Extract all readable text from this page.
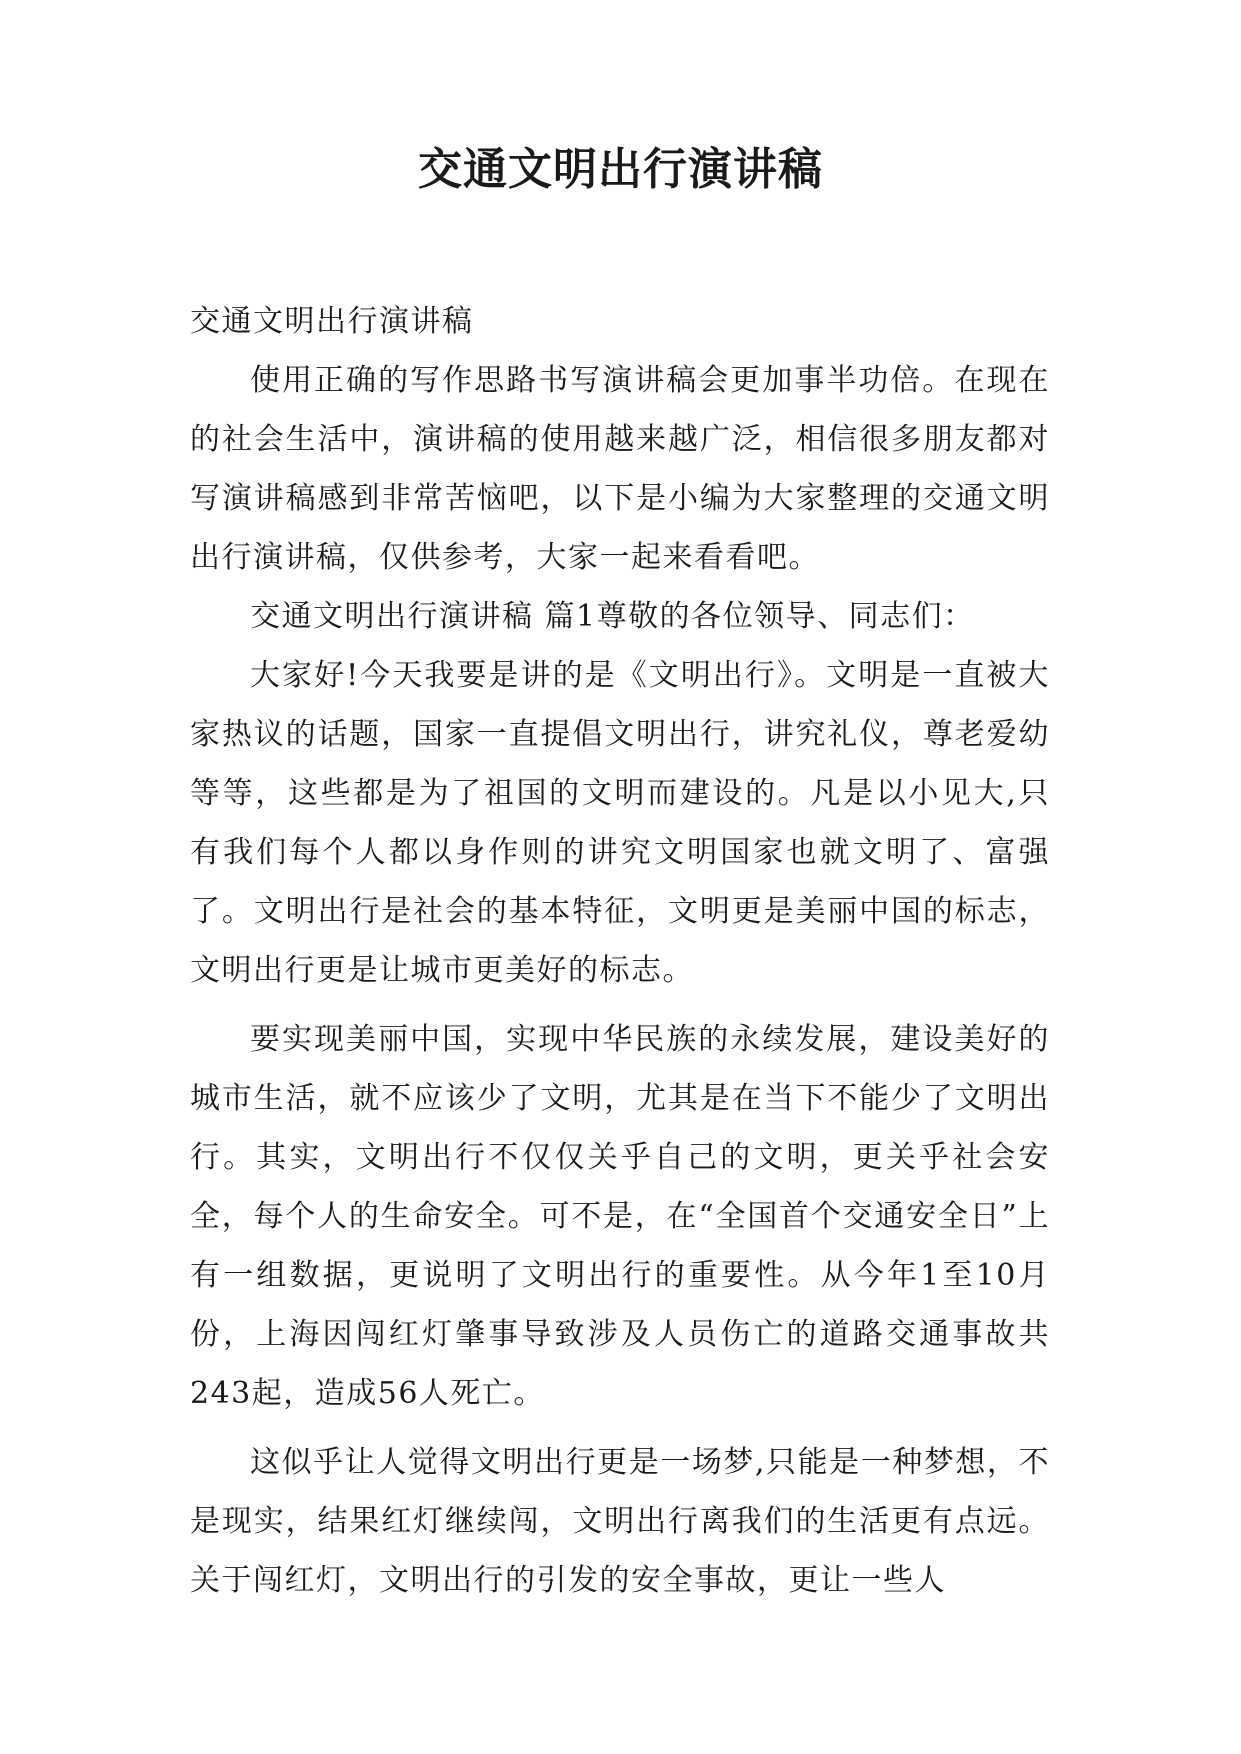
交通文明出行演讲稿

交通文明出行演讲稿

使用正确的写作思路书写演讲稿会更加事半功倍。在现在的社会生活中，演讲稿的使用越来越广泛，相信很多朋友都对写演讲稿感到非常苦恼吧，以下是小编为大家整理的交通文明出行演讲稿，仅供参考，大家一起来看看吧。

交通文明出行演讲稿 篇1尊敬的各位领导、同志们：

大家好!今天我要是讲的是《文明出行》。文明是一直被大家热议的话题，国家一直提倡文明出行，讲究礼仪，尊老爱幼等等，这些都是为了祖国的文明而建设的。凡是以小见大,只有我们每个人都以身作则的讲究文明国家也就文明了、富强了。文明出行是社会的基本特征，文明更是美丽中国的标志，文明出行更是让城市更美好的标志。

要实现美丽中国，实现中华民族的永续发展，建设美好的城市生活，就不应该少了文明，尤其是在当下不能少了文明出行。其实，文明出行不仅仅关乎自己的文明，更关乎社会安全，每个人的生命安全。可不是，在“全国首个交通安全日”上有一组数据，更说明了文明出行的重要性。从今年1至10月份，上海因闯红灯肇事导致涉及人员伤亡的道路交通事故共243起，造成56人死亡。

这似乎让人觉得文明出行更是一场梦,只能是一种梦想，不是现实，结果红灯继续闯，文明出行离我们的生活更有点远。关于闯红灯，文明出行的引发的安全事故，更让一些人
